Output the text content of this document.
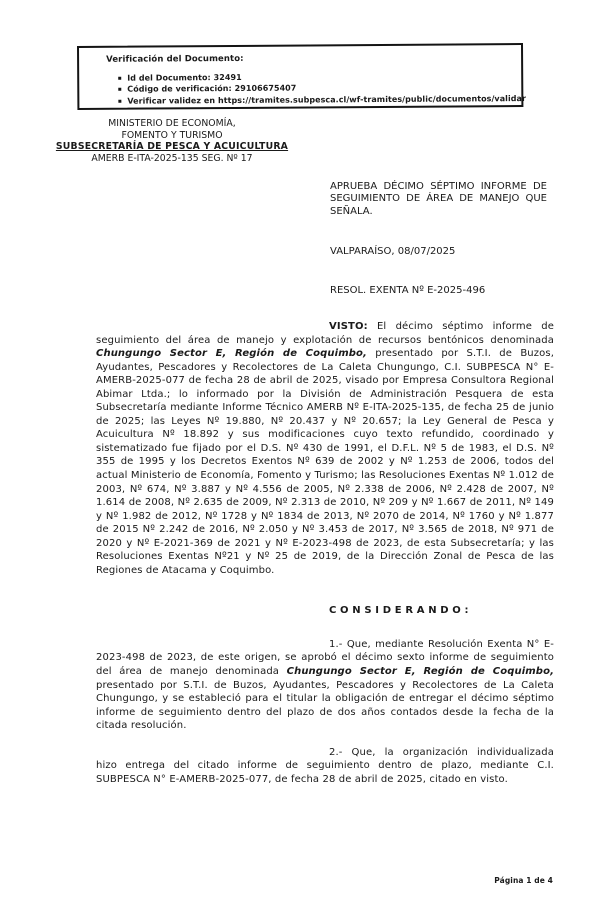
Verificación del Documento:
Id del Documento: 32491
Código de verificación: 29106675407
Verificar validez en https://tramites.subpesca.cl/wf-tramites/public/documentos/validar
MINISTERIO DE ECONOMÍA,
FOMENTO Y TURISMO
SUBSECRETARÍA DE PESCA Y ACUICULTURA
AMERB E-ITA-2025-135 SEG. Nº 17

APRUEBA DÉCIMO SÉPTIMO INFORME DE SEGUIMIENTO DE ÁREA DE MANEJO QUE SEÑALA.

VALPARAÍSO, 08/07/2025

RESOL. EXENTA Nº E-2025-496

VISTO: El décimo séptimo informe de seguimiento del área de manejo y explotación de recursos bentónicos denominada Chungungo Sector E, Región de Coquimbo, presentado por S.T.I. de Buzos, Ayudantes, Pescadores y Recolectores de La Caleta Chungungo, C.I. SUBPESCA N° E-AMERB-2025-077 de fecha 28 de abril de 2025, visado por Empresa Consultora Regional Abimar Ltda.; lo informado por la División de Administración Pesquera de esta Subsecretaría mediante Informe Técnico AMERB Nº E-ITA-2025-135, de fecha 25 de junio de 2025; las Leyes Nº 19.880, Nº 20.437 y Nº 20.657; la Ley General de Pesca y Acuicultura Nº 18.892 y sus modificaciones cuyo texto refundido, coordinado y sistematizado fue fijado por el D.S. Nº 430 de 1991, el D.F.L. Nº 5 de 1983, el D.S. Nº 355 de 1995 y los Decretos Exentos Nº 639 de 2002 y Nº 1.253 de 2006, todos del actual Ministerio de Economía, Fomento y Turismo; las Resoluciones Exentas Nº 1.012 de 2003, Nº 674, Nº 3.887 y Nº 4.556 de 2005, Nº 2.338 de 2006, Nº 2.428 de 2007, Nº 1.614 de 2008, Nº 2.635 de 2009, Nº 2.313 de 2010, Nº 209 y Nº 1.667 de 2011, Nº 149 y Nº 1.982 de 2012, Nº 1728 y Nº 1834 de 2013, Nº 2070 de 2014, Nº 1760 y Nº 1.877 de 2015 Nº 2.242 de 2016, Nº 2.050 y Nº 3.453 de 2017, Nº 3.565 de 2018, Nº 971 de 2020 y Nº E-2021-369 de 2021 y Nº E-2023-498 de 2023, de esta Subsecretaría; y las Resoluciones Exentas Nº21 y Nº 25 de 2019, de la Dirección Zonal de Pesca de las Regiones de Atacama y Coquimbo.

C O N S I D E R A N D O :

1.- Que, mediante Resolución Exenta N° E-2023-498 de 2023, de este origen, se aprobó el décimo sexto informe de seguimiento del área de manejo denominada Chungungo Sector E, Región de Coquimbo, presentado por S.T.I. de Buzos, Ayudantes, Pescadores y Recolectores de La Caleta Chungungo, y se estableció para el titular la obligación de entregar el décimo séptimo informe de seguimiento dentro del plazo de dos años contados desde la fecha de la citada resolución.

2.- Que, la organización individualizada hizo entrega del citado informe de seguimiento dentro de plazo, mediante C.I. SUBPESCA N° E-AMERB-2025-077, de fecha 28 de abril de 2025, citado en visto.

Página 1 de 4
